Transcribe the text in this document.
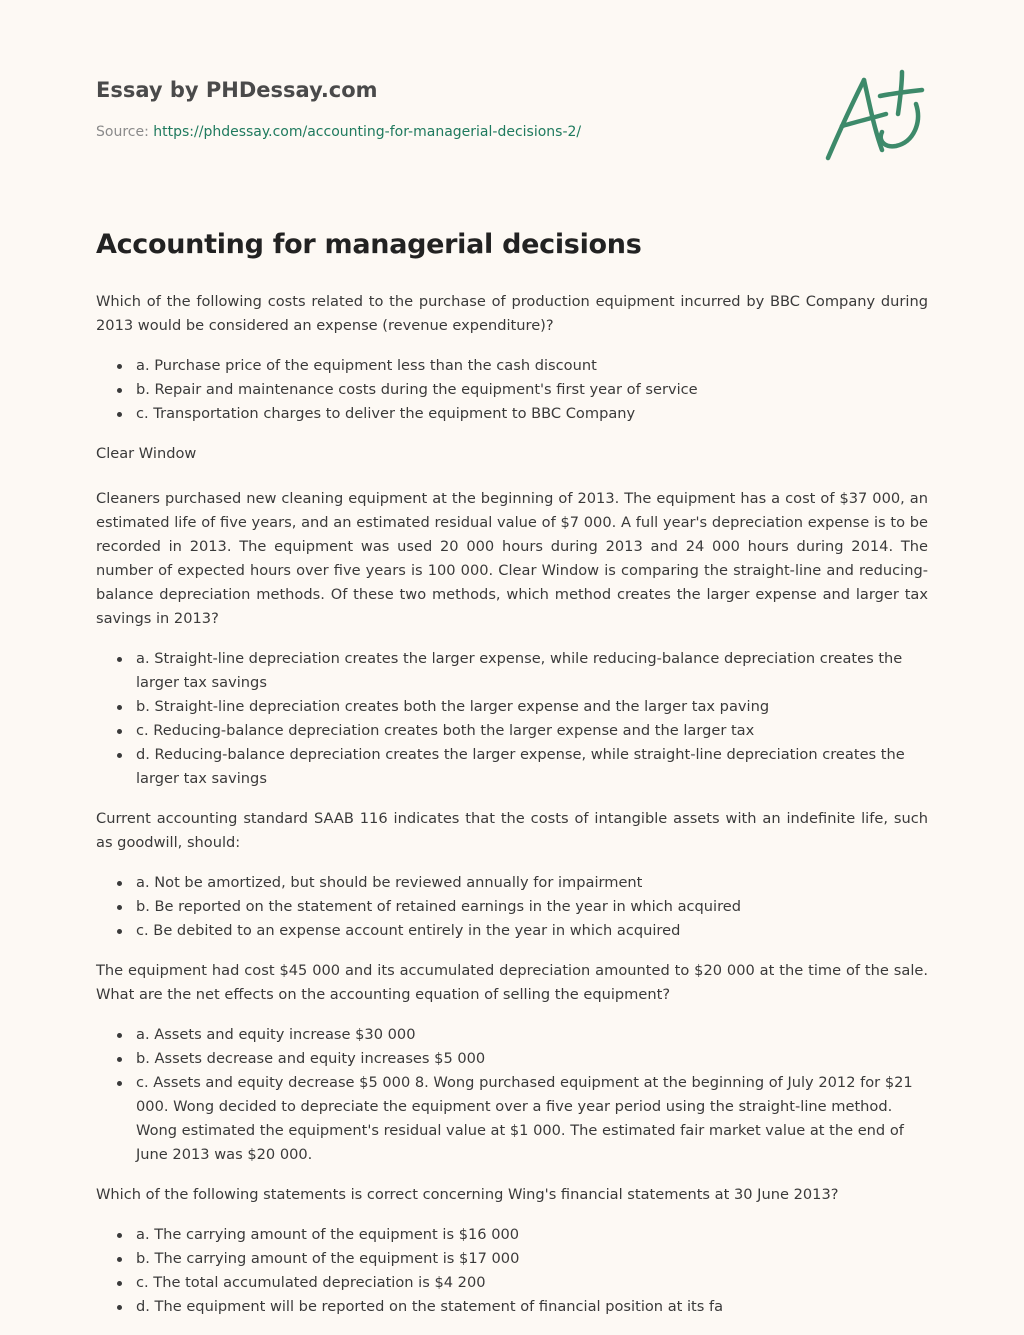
Essay by PHDessay.com
Source: https://phdessay.com/accounting-for-managerial-decisions-2/
Accounting for managerial decisions

Which of the following costs related to the purchase of production equipment incurred by BBC Company during 2013 would be considered an expense (revenue expenditure)?

a. Purchase price of the equipment less than the cash discount
b. Repair and maintenance costs during the equipment's first year of service
c. Transportation charges to deliver the equipment to BBC Company

Clear Window

Cleaners purchased new cleaning equipment at the beginning of 2013. The equipment has a cost of $37 000, an estimated life of five years, and an estimated residual value of $7 000. A full year's depreciation expense is to be recorded in 2013. The equipment was used 20 000 hours during 2013 and 24 000 hours during 2014. The number of expected hours over five years is 100 000. Clear Window is comparing the straight-line and reducing-balance depreciation methods. Of these two methods, which method creates the larger expense and larger tax savings in 2013?

a. Straight-line depreciation creates the larger expense, while reducing-balance depreciation creates the larger tax savings
b. Straight-line depreciation creates both the larger expense and the larger tax paving
c. Reducing-balance depreciation creates both the larger expense and the larger tax
d. Reducing-balance depreciation creates the larger expense, while straight-line depreciation creates the larger tax savings

Current accounting standard SAAB 116 indicates that the costs of intangible assets with an indefinite life, such as goodwill, should:

a. Not be amortized, but should be reviewed annually for impairment
b. Be reported on the statement of retained earnings in the year in which acquired
c. Be debited to an expense account entirely in the year in which acquired

The equipment had cost $45 000 and its accumulated depreciation amounted to $20 000 at the time of the sale. What are the net effects on the accounting equation of selling the equipment?

a. Assets and equity increase $30 000
b. Assets decrease and equity increases $5 000
c. Assets and equity decrease $5 000 8. Wong purchased equipment at the beginning of July 2012 for $21 000. Wong decided to depreciate the equipment over a five year period using the straight-line method. Wong estimated the equipment's residual value at $1 000. The estimated fair market value at the end of June 2013 was $20 000.

Which of the following statements is correct concerning Wing's financial statements at 30 June 2013?

a. The carrying amount of the equipment is $16 000
b. The carrying amount of the equipment is $17 000
c. The total accumulated depreciation is $4 200
d. The equipment will be reported on the statement of financial position at its fa
